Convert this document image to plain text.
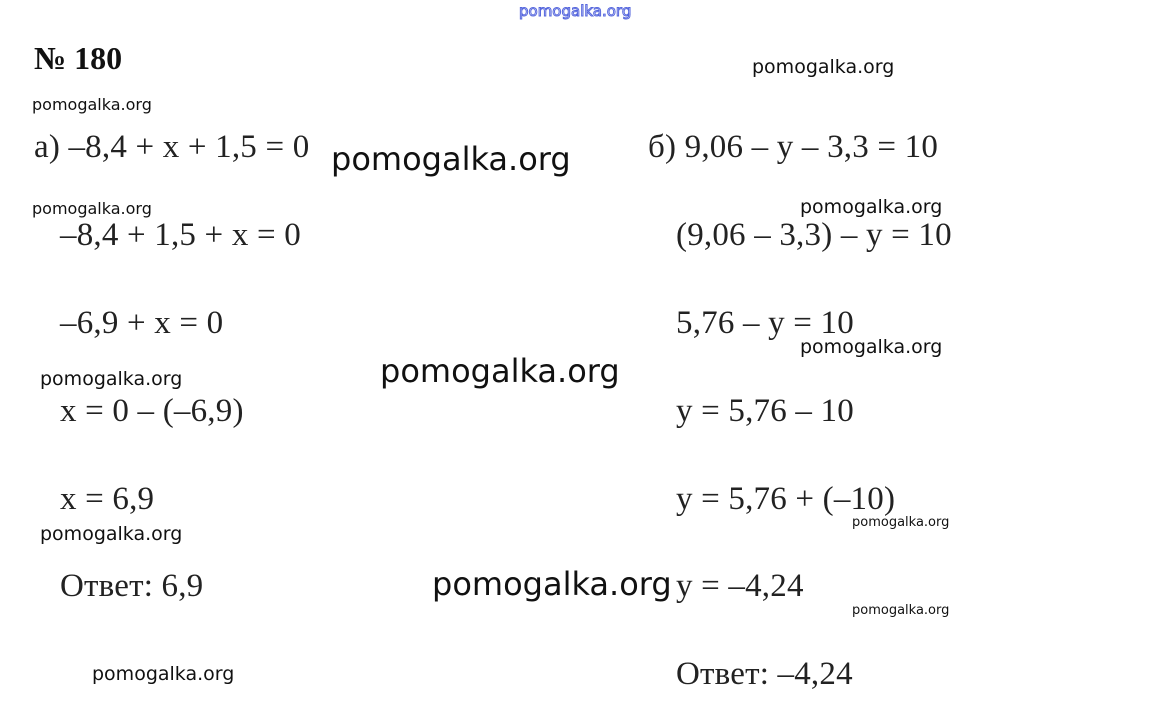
pomogalka.org
№ 180
а) –8,4 + x + 1,5 = 0
–8,4 + 1,5 + x = 0
–6,9 + x = 0
x = 0 – (–6,9)
x = 6,9
Ответ: 6,9
б) 9,06 – y – 3,3 = 10
(9,06 – 3,3) – y = 10
5,76 – y = 10
y = 5,76 – 10
y = 5,76 + (–10)
y = –4,24
Ответ: –4,24
pomogalka.org
pomogalka.org
pomogalka.org
pomogalka.org	pomogalka.org
pomogalka.org
pomogalka.org
pomogalka.org
pomogalka.org
pomogalka.org
pomogalka.org
pomogalka.org
pomogalka.org
